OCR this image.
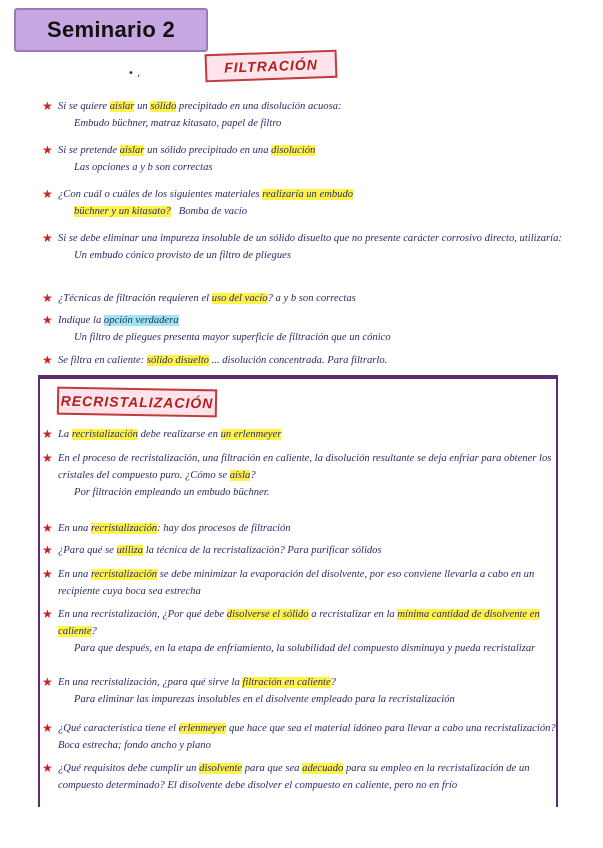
Seminario 2
FILTRACIÓN
• ,
★ Si se quiere aislar un sólido precipitado en una disolución acuosa:
Embudo büchner, matraz kitasato, papel de filtro
★ Si se pretende aislar un sólido precipitado en una disolución
Las opciones a y b son correctas
★ ¿Con cuál o cuáles de los siguientes materiales realizaría un embudo
büchner y un kitasato? Bomba de vacío
★ Si se debe eliminar una impureza insoluble de un sólido disuelto que no presente carácter corrosivo directo, utilizaría:
Un embudo cónico provisto de un filtro de pliegues
★ ¿Técnicas de filtración requieren el uso del vacío? a y b son correctas
★ Indique la opción verdadera
Un filtro de pliegues presenta mayor superficie de filtración que un cónico
★ Se filtra en caliente: sólido disuelto ... disolución concentrada. Para filtrarlo.
RECRISTALIZACIÓN
★ La recristalización debe realizarse en un erlenmeyer
★ En el proceso de recristalización, una filtración en caliente, la disolución resultante se deja enfriar para obtener los cristales del compuesto puro. ¿Cómo se aísla?
Por filtración empleando un embudo büchner.
★ En una recristalización: hay dos procesos de filtración
★ ¿Para qué se utiliza la técnica de la recristalización? Para purificar sólidos
★ En una recristalización se debe minimizar la evaporación del disolvente, por eso conviene llevarla a cabo en un recipiente cuya boca sea estrecha
★ En una recristalización, ¿Por qué debe disolverse el sólido a recristalizar en la mínima cantidad de disolvente en caliente?
Para que después, en la etapa de enfriamiento, la solubilidad del compuesto disminuya y pueda recristalizar
★ En una recristalización, ¿para qué sirve la filtración en caliente?
Para eliminar las impurezas insolubles en el disolvente empleado para la recristalización
★ ¿Qué característica tiene el erlenmeyer que hace que sea el material idóneo para llevar a cabo una recristalización? Boca estrecha; fondo ancho y plano
★ ¿Qué requisitos debe cumplir un disolvente para que sea adecuado para su empleo en la recristalización de un compuesto determinado? El disolvente debe disolver el compuesto en caliente, pero no en frío
